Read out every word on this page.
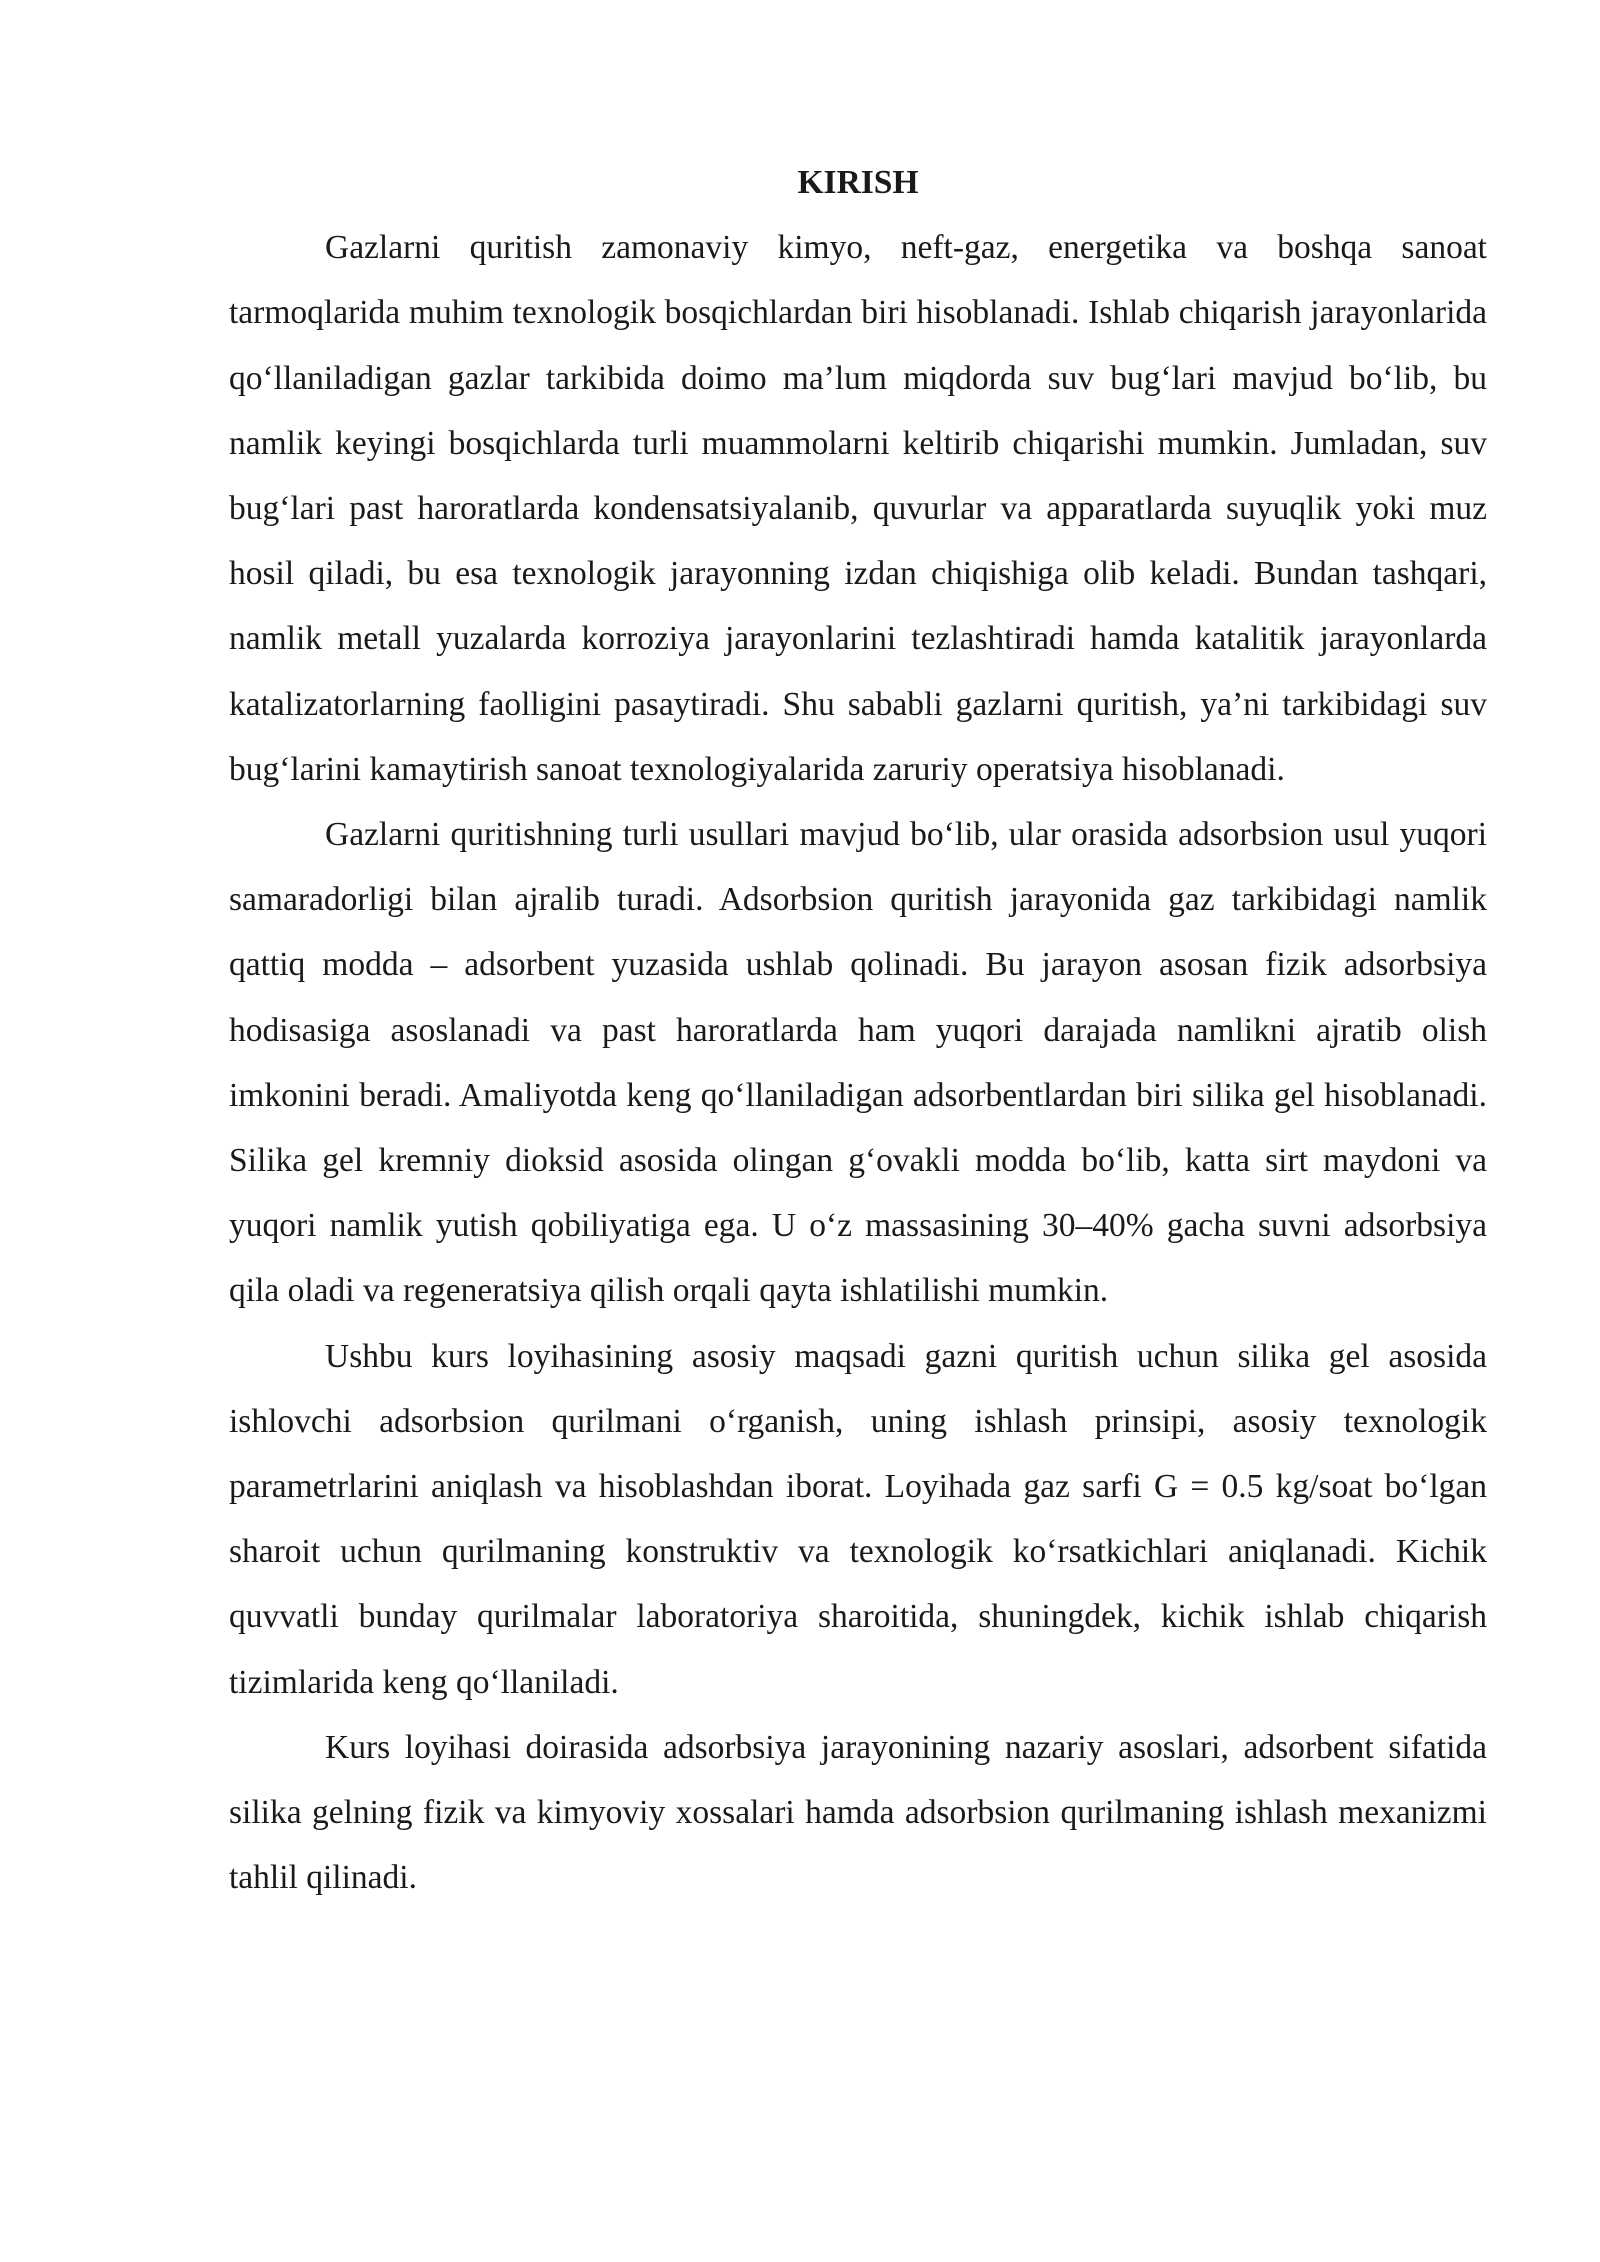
KIRISH

Gazlarni quritish zamonaviy kimyo, neft-gaz, energetika va boshqa sanoat tarmoqlarida muhim texnologik bosqichlardan biri hisoblanadi. Ishlab chiqarish jarayonlarida qo‘llaniladigan gazlar tarkibida doimo ma’lum miqdorda suv bug‘lari mavjud bo‘lib, bu namlik keyingi bosqichlarda turli muammolarni keltirib chiqarishi mumkin. Jumladan, suv bug‘lari past haroratlarda kondensatsiyalanib, quvurlar va apparatlarda suyuqlik yoki muz hosil qiladi, bu esa texnologik jarayonning izdan chiqishiga olib keladi. Bundan tashqari, namlik metall yuzalarda korroziya jarayonlarini tezlashtiradi hamda katalitik jarayonlarda katalizatorlarning faolligini pasaytiradi. Shu sababli gazlarni quritish, ya’ni tarkibidagi suv bug‘larini kamaytirish sanoat texnologiyalarida zaruriy operatsiya hisoblanadi.

Gazlarni quritishning turli usullari mavjud bo‘lib, ular orasida adsorbsion usul yuqori samaradorligi bilan ajralib turadi. Adsorbsion quritish jarayonida gaz tarkibidagi namlik qattiq modda – adsorbent yuzasida ushlab qolinadi. Bu jarayon asosan fizik adsorbsiya hodisasiga asoslanadi va past haroratlarda ham yuqori darajada namlikni ajratib olish imkonini beradi. Amaliyotda keng qo‘llaniladigan adsorbentlardan biri silika gel hisoblanadi. Silika gel kremniy dioksid asosida olingan g‘ovakli modda bo‘lib, katta sirt maydoni va yuqori namlik yutish qobiliyatiga ega. U o‘z massasining 30–40% gacha suvni adsorbsiya qila oladi va regeneratsiya qilish orqali qayta ishlatilishi mumkin.

Ushbu kurs loyihasining asosiy maqsadi gazni quritish uchun silika gel asosida ishlovchi adsorbsion qurilmani o‘rganish, uning ishlash prinsipi, asosiy texnologik parametrlarini aniqlash va hisoblashdan iborat. Loyihada gaz sarfi G = 0.5 kg/soat bo‘lgan sharoit uchun qurilmaning konstruktiv va texnologik ko‘rsatkichlari aniqlanadi. Kichik quvvatli bunday qurilmalar laboratoriya sharoitida, shuningdek, kichik ishlab chiqarish tizimlarida keng qo‘llaniladi.

Kurs loyihasi doirasida adsorbsiya jarayonining nazariy asoslari, adsorbent sifatida silika gelning fizik va kimyoviy xossalari hamda adsorbsion qurilmaning ishlash mexanizmi tahlil qilinadi.
